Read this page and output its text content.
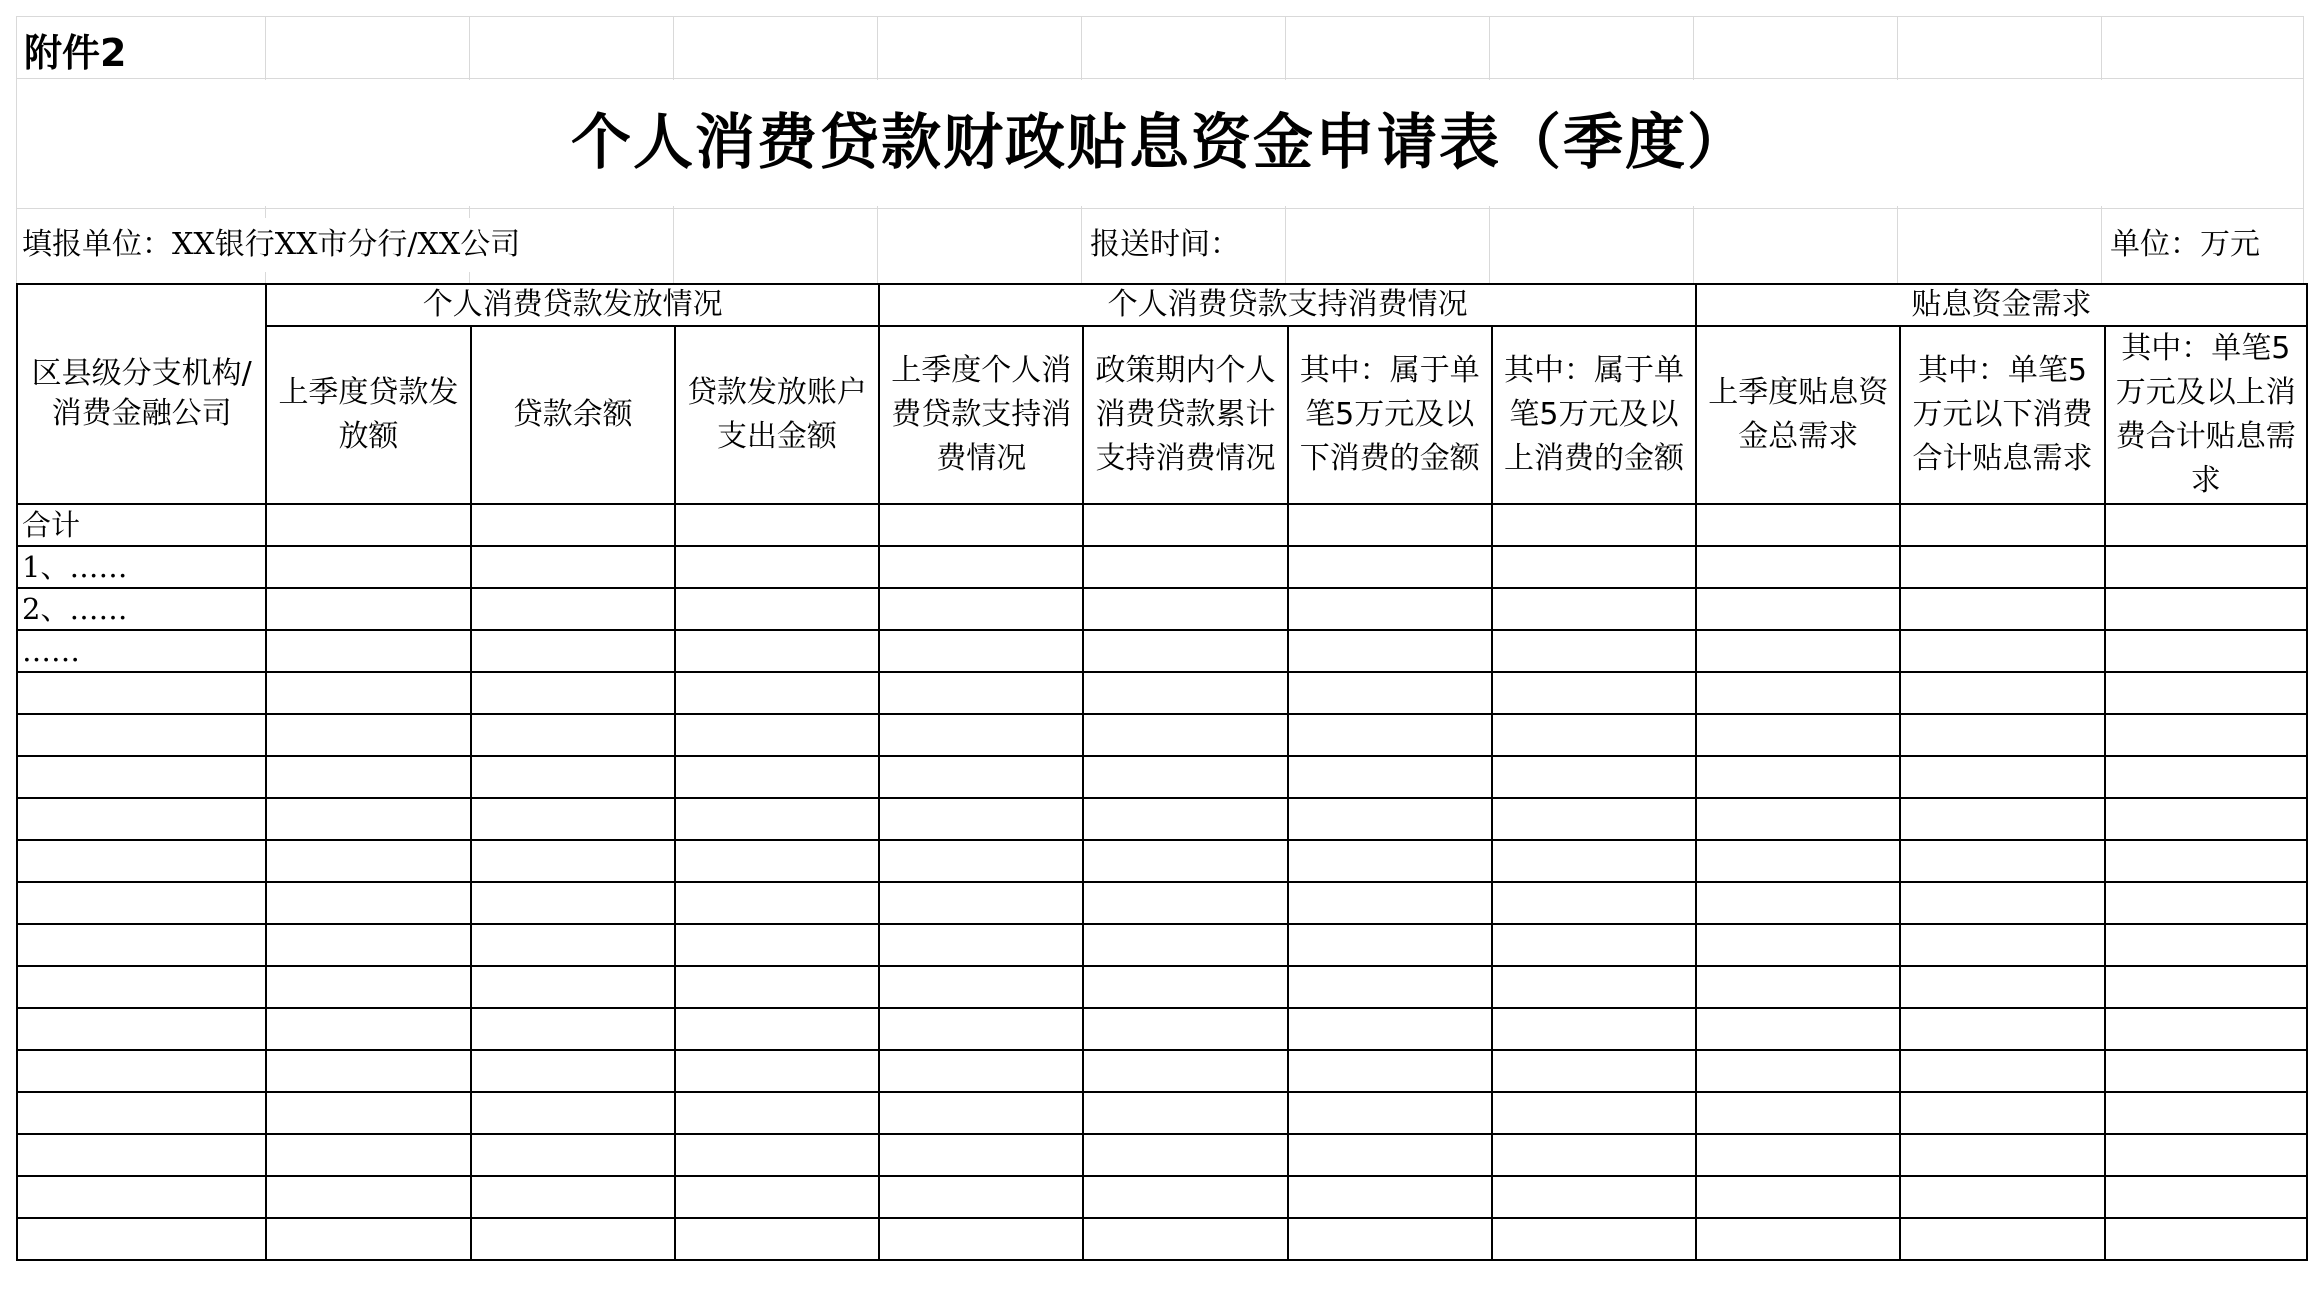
附件2
个人消费贷款财政贴息资金申请表（季度）
填报单位：XX银行XX市分行/XX公司	报送时间：	单位：万元
区县级分支机构/消费金融公司	个人消费贷款发放情况			个人消费贷款支持消费情况				贴息资金需求		
	上季度贷款发放额	贷款余额	贷款发放账户支出金额	上季度个人消费贷款支持消费情况	政策期内个人消费贷款累计支持消费情况	其中：属于单笔5万元及以下消费的金额	其中：属于单笔5万元及以上消费的金额	上季度贴息资金总需求	其中：单笔5万元以下消费合计贴息需求	其中：单笔5万元及以上消费合计贴息需求
合计										
1、……										
2、……										
……										
